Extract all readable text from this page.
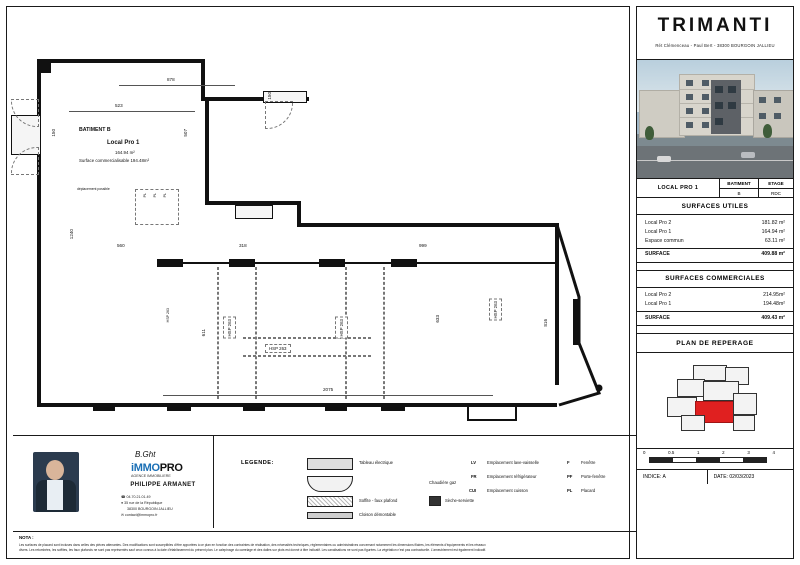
déplacement possible
PL PL PL
BATIMENT B
Local Pro 1
164.94 m²
Surface commercialisable 194.48m²
HSP 263
HSP 263	HSP 263
HSP 263
HSP 263
878
523
150
150	507
1240
560	318	999
611
633
816
2075
B.Ght
iMMOPRO
AGENCE IMMOBILIERE
PHILIPPE ARMANET
☎ 04.70.21.01.49
● 35 rue de la République
38300 BOURGOIN JALLIEU
✉ contact@immopro.fr
LEGENDE:	Tableau électrique
Chaudière gaz
Soffite - faux plafond	Sèche-serviette
Cloison démontable
LV	Emplacement lave-vaisselle
FR Emplacement réfrigérateur
CUI	Emplacement cuisson
F	Fenêtre
PF Porte-fenêtre
PL Placard
NOTA :
Les surfaces de placard sont incluses dans celles des pièces attenantes. Des modifications sont susceptibles d'être apportées à ce plan en fonction des contraintes de réalisation, des nécessités techniques, réglementaires ou administratives concernant notamment les dimensions filaires, les éléments d'équipements et les réseaux
divers. Les retombées, les soffites, les faux plafonds ne sont pas représentés sauf ceux connus à la date d'établissement du présent plan. Le calepinage du carrelage et des dalles sur plots est donné à titre indicatif. Les canalisations ne sont pas figurées. La végétation n'est pas contractuelle. L'ameublement est également indicatif.
TRIMANTI
Rét Clémenceau - Paul Bert - 38300 BOURGOIN JALLIEU
LOCAL PRO 1
BATIMENT
B
ETAGE
RDC
SURFACES UTILES
Local Pro 2	181.82 m²
Local Pro 1	164.94 m²
Espace commun	63.11 m²
SURFACE	409.88 m²
SURFACES COMMERCIALES
Local Pro 2	214.95m²
Local Pro 1	194.48m²
SURFACE	409.43 m²
PLAN DE REPERAGE
0	0.5	1	2	3	4
INDICE: A	DATE:
02/03/2023
